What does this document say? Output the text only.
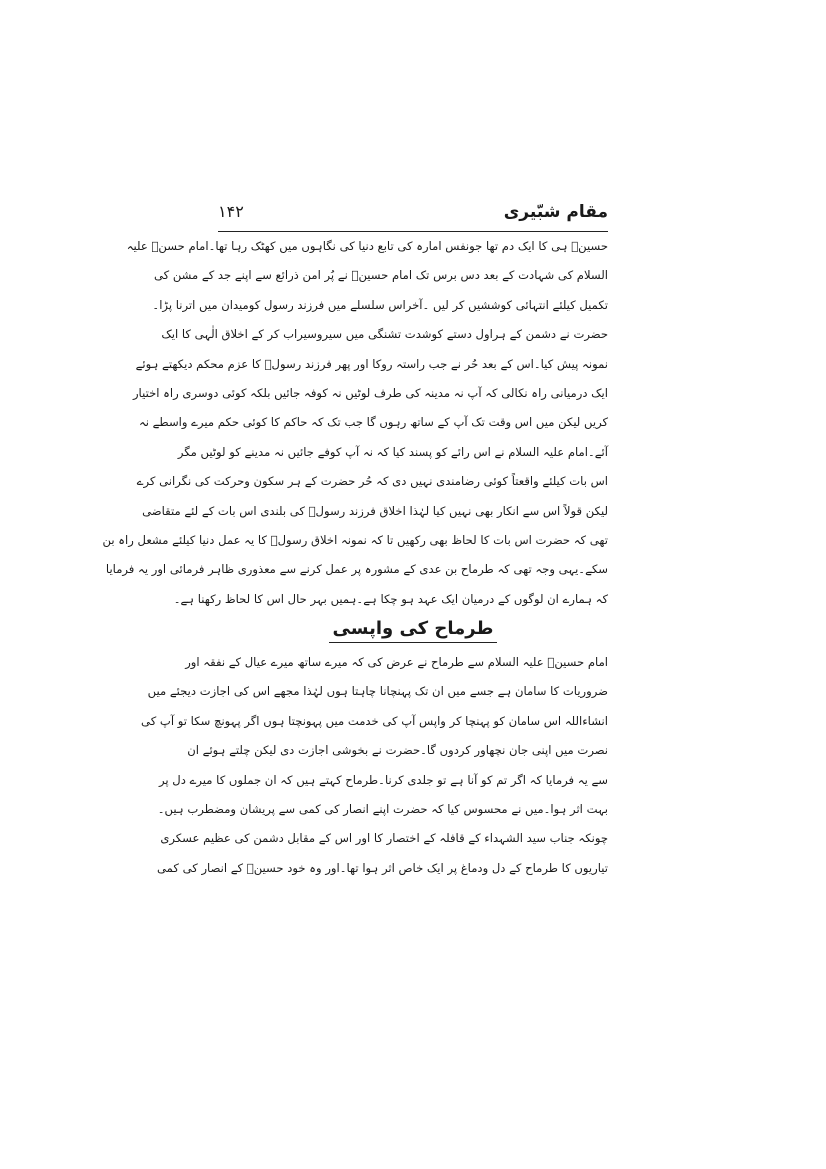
مقام شبّیری
۱۴۲
حسینؑ ہی کا ایک دم تھا جونفس امارہ کی تابع دنیا کی نگاہوں میں کھٹک رہا تھا۔امام حسنؑ علیہ
السلام کی شہادت کے بعد دس برس تک امام حسینؑ نے پُر امن ذرائع سے اپنے جد کے مشن کی
تکمیل کیلئے انتہائی کوششیں کر لیں ۔آخراس سلسلے میں فرزند رسول کومیدان میں اترنا پڑا۔
حضرت نے دشمن کے ہراول دستے کوشدت تشنگی میں سیروسیراب کر کے اخلاق الٰہی کا ایک
نمونہ پیش کیا۔اس کے بعد حُر نے جب راستہ روکا اور پھر فرزند رسولؐ کا عزم محکم دیکھتے ہوئے
ایک درمیانی راہ نکالی کہ آپ نہ مدینہ کی طرف لوٹیں نہ کوفہ جائیں بلکہ کوئی دوسری راہ اختیار
کریں لیکن میں اس وقت تک آپ کے ساتھ رہوں گا جب تک کہ حاکم کا کوئی حکم میرے واسطے نہ
آئے۔امام علیہ السلام نے اس رائے کو پسند کیا کہ نہ آپ کوفے جائیں نہ مدینے کو لوٹیں مگر
اس بات کیلئے واقعتاً کوئی رضامندی نہیں دی کہ حُر حضرت کے ہر سکون وحرکت کی نگرانی کرے
لیکن قولاً اس سے انکار بھی نہیں کیا لہٰذا اخلاق فرزند رسولؐ کی بلندی اس بات کے لئے متقاضی
تھی کہ حضرت اس بات کا لحاظ بھی رکھیں تا کہ نمونہ اخلاق رسولؐ کا یہ عمل دنیا کیلئے مشعل راہ بن
سکے۔یہی وجہ تھی کہ طرماح بن عدی کے مشورہ پر عمل کرنے سے معذوری ظاہر فرمائی اور یہ فرمایا
کہ ہمارے ان لوگوں کے درمیان ایک عہد ہو چکا ہے۔ہمیں بہر حال اس کا لحاظ رکھنا ہے۔
طرماح کی واپسی
امام حسینؑ علیہ السلام سے طرماح نے عرض کی کہ میرے ساتھ میرے عیال کے نفقہ اور
ضروریات کا سامان ہے جسے میں ان تک پہنچانا چاہتا ہوں لہٰذا مجھے اس کی اجازت دیجئے میں
انشاءاللہ اس سامان کو پہنچا کر واپس آپ کی خدمت میں پہونچتا ہوں اگر پہونچ سکا تو آپ کی
نصرت میں اپنی جان نچھاور کردوں گا۔حضرت نے بخوشی اجازت دی لیکن چلتے ہوئے ان
سے یہ فرمایا کہ اگر تم کو آنا ہے تو جلدی کرنا۔طرماح کہتے ہیں کہ ان جملوں کا میرے دل پر
بہت اثر ہوا۔میں نے محسوس کیا کہ حضرت اپنے انصار کی کمی سے پریشان ومضطرب ہیں۔
چونکہ جناب سید الشہداء کے قافلہ کے اختصار کا اور اس کے مقابل دشمن کی عظیم عسکری
تیاریوں کا طرماح کے دل ودماغ پر ایک خاص اثر ہوا تھا۔اور وہ خود حسینؑ کے انصار کی کمی
